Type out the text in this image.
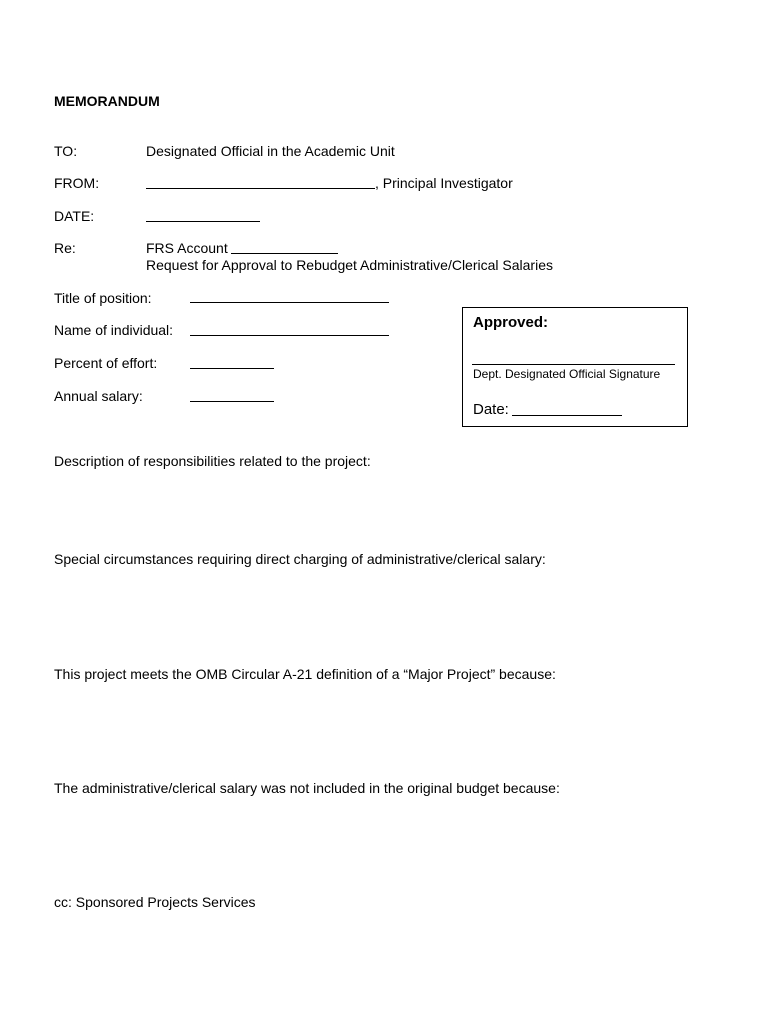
MEMORANDUM
TO:	Designated Official in the Academic Unit
FROM:	, Principal Investigator
DATE:
Re:	FRS Account
Request for Approval to Rebudget Administrative/Clerical Salaries
Title of position:
Name of individual:
Percent of effort:
Annual salary:
Approved:
Dept. Designated Official Signature
Date:
Description of responsibilities related to the project:
Special circumstances requiring direct charging of administrative/clerical salary:
This project meets the OMB Circular A-21 definition of a “Major Project” because:
The administrative/clerical salary was not included in the original budget because:
cc: Sponsored Projects Services
